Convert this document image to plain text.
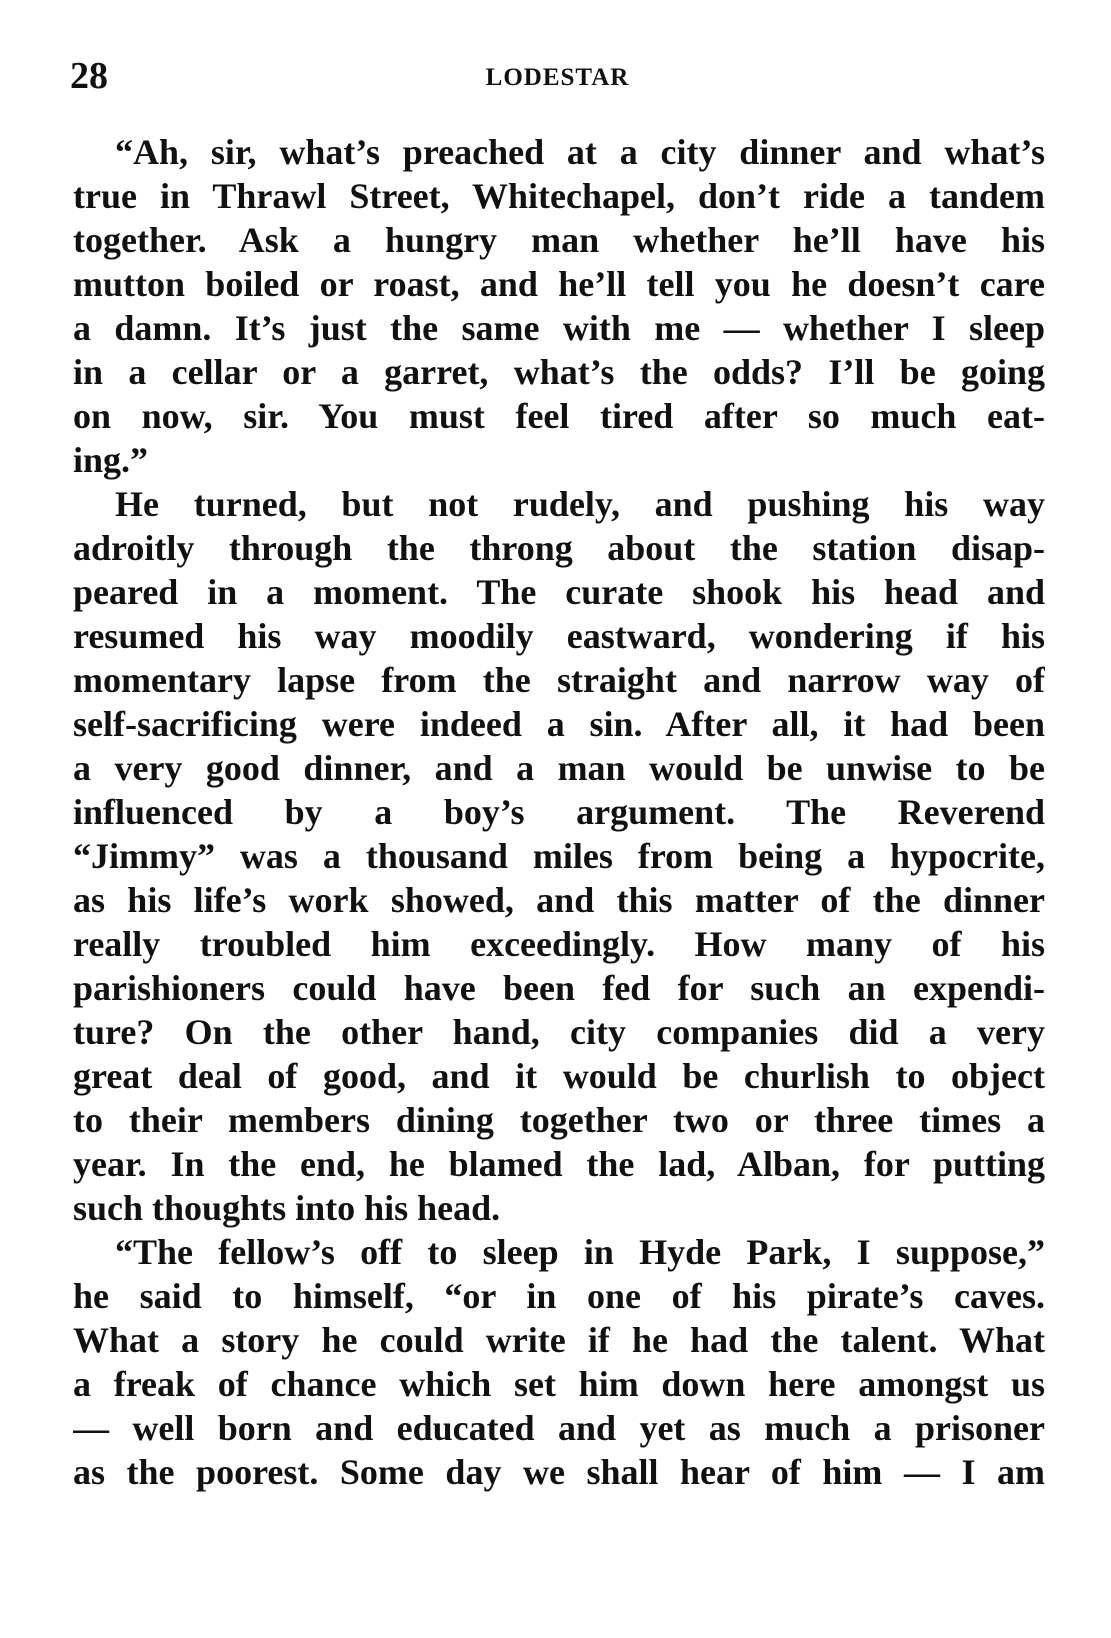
28	LODESTAR

“Ah, sir, what’s preached at a city dinner and what’s
true in Thrawl Street, Whitechapel, don’t ride a tandem
together. Ask a hungry man whether he’ll have his
mutton boiled or roast, and he’ll tell you he doesn’t care
a damn. It’s just the same with me — whether I sleep
in a cellar or a garret, what’s the odds? I’ll be going
on now, sir. You must feel tired after so much eat-
ing.”

He turned, but not rudely, and pushing his way
adroitly through the throng about the station disap-
peared in a moment. The curate shook his head and
resumed his way moodily eastward, wondering if his
momentary lapse from the straight and narrow way of
self-sacrificing were indeed a sin. After all, it had been
a very good dinner, and a man would be unwise to be
influenced by a boy’s argument. The Reverend
“Jimmy” was a thousand miles from being a hypocrite,
as his life’s work showed, and this matter of the dinner
really troubled him exceedingly. How many of his
parishioners could have been fed for such an expendi-
ture? On the other hand, city companies did a very
great deal of good, and it would be churlish to object
to their members dining together two or three times a
year. In the end, he blamed the lad, Alban, for putting
such thoughts into his head.

“The fellow’s off to sleep in Hyde Park, I suppose,”
he said to himself, “or in one of his pirate’s caves.
What a story he could write if he had the talent. What
a freak of chance which set him down here amongst us
— well born and educated and yet as much a prisoner
as the poorest. Some day we shall hear of him — I am
